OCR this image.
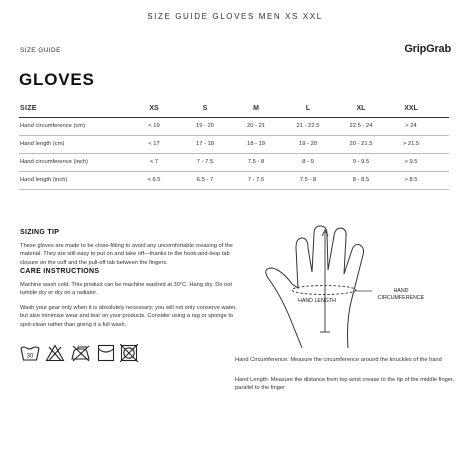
SIZE GUIDE GLOVES MEN XS XXL
SIZE GUIDE	GripGrab
GLOVES
SIZE	XS	S	M	L	XL	XXL
Hand circumference (cm)	< 19	19 - 20	20 - 21	21 - 22.5	22.5 - 24	> 24
Hand length (cm)	< 17	17 - 18	18 - 19	19 - 20	20 - 21.5	> 21.5
Hand circumference (inch)	< 7	7 - 7.5	7.5 - 8	8 - 9	9 - 9.5	> 9.5
Hand length (inch)	< 6.5	6.5 - 7	7 - 7.5	7.5 - 8	8 - 8.5	> 8.5
SIZING TIP
These gloves are made to be close-fitting to avoid any uncomfortable creasing of the material. They are still easy to put on and take off—thanks to the hook-and-loop tab closure on the cuff and the pull-off tab between the fingers.
CARE INSTRUCTIONS
Machine wash cold. This product can be machine washed at 30°C. Hang dry. Do not tumble dry or dry on a radiator.
Wash your gear only when it is absolutely necessary; you will not only conserve water, but also minimise wear and tear on your products. Consider using a rag or sponge to spot-clean rather than giving it a full wash.
30
HAND LENGTH
HAND CIRCUMFERENCE
Hand Circumference: Measure the circumference around the knuckles of the hand
Hand Length: Measure the distance from top wrist crease to the tip of the middle finger, parallel to the finger
